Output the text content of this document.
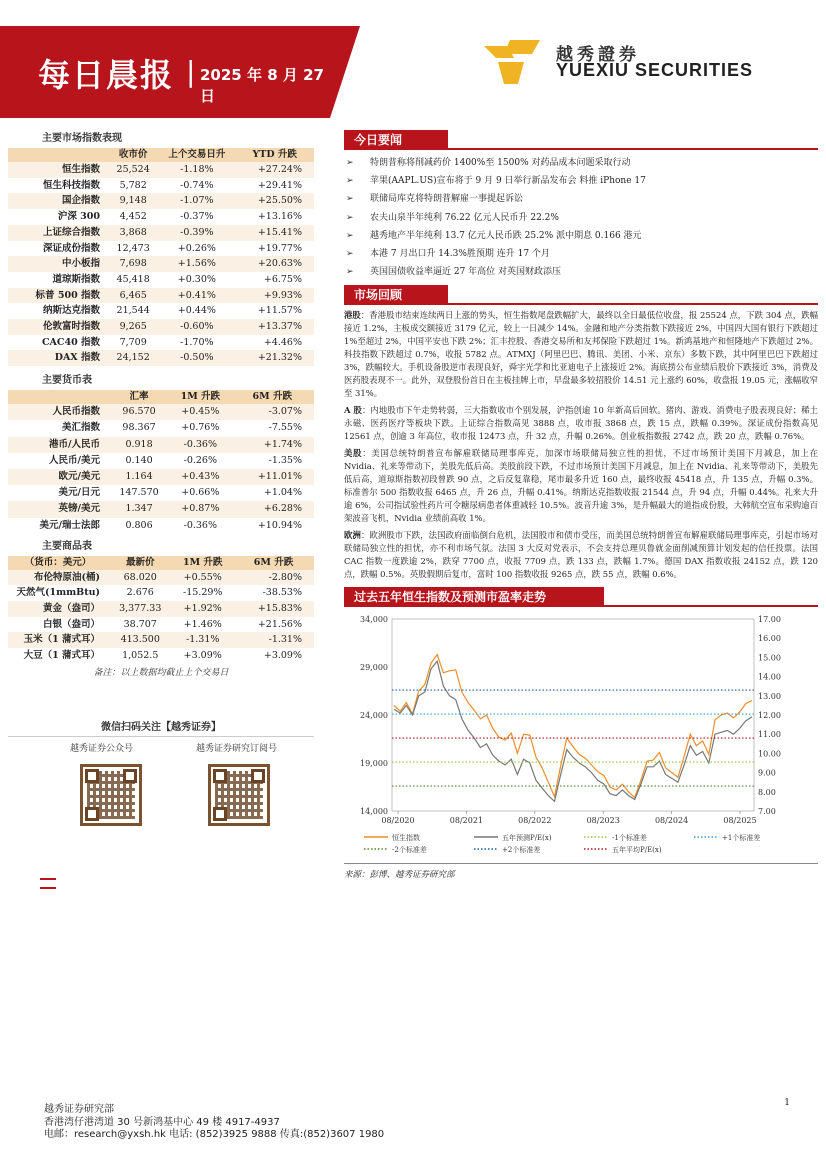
每日晨报 | 2025 年 8 月 27 日
越秀證券
YUEXIU SECURITIES
主要市场指数表现
	收市价	上个交易日升	YTD 升跌
恒生指数	25,524	-1.18%	+27.24%
恒生科技指数	5,782	-0.74%	+29.41%
国企指数	9,148	-1.07%	+25.50%
沪深 300	4,452	-0.37%	+13.16%
上证综合指数	3,868	-0.39%	+15.41%
深证成份指数	12,473	+0.26%	+19.77%
中小板指	7,698	+1.56%	+20.63%
道琼斯指数	45,418	+0.30%	+6.75%
标普 500 指数	6,465	+0.41%	+9.93%
纳斯达克指数	21,544	+0.44%	+11.57%
伦敦富时指数	9,265	-0.60%	+13.37%
CAC40 指数	7,709	-1.70%	+4.46%
DAX 指数	24,152	-0.50%	+21.32%
主要货币表
	汇率	1M 升跌	6M 升跌
人民币指数	96.570	+0.45%	-3.07%
美汇指数	98.367	+0.76%	-7.55%
港币/人民币	0.918	-0.36%	+1.74%
人民币/美元	0.140	-0.26%	-1.35%
欧元/美元	1.164	+0.43%	+11.01%
美元/日元	147.570	+0.66%	+1.04%
英镑/美元	1.347	+0.87%	+6.28%
美元/瑞士法郎	0.806	-0.36%	+10.94%
主要商品表
（货币：美元）	最新价	1M 升跌	6M 升跌
布伦特原油(桶)	68.020	+0.55%	-2.80%
天然气(1mmBtu)	2.676	-15.29%	-38.53%
黄金（盎司）	3,377.33	+1.92%	+15.83%
白银（盎司）	38.707	+1.46%	+21.56%
玉米（1 蒲式耳）	413.500	-1.31%	-1.31%
大豆（1 蒲式耳）	1,052.5	+3.09%	+3.09%
备注：以上数据均截止上个交易日
微信扫码关注【越秀证券】
越秀证券公众号	越秀证券研究订阅号
今日要闻
➢ 特朗普称将削减药价 1400%至 1500% 对药品成本问题采取行动
➢ 苹果(AAPL.US)宣布将于 9 月 9 日举行新品发布会 料推 iPhone 17
➢ 联储局库克将特朗普解雇一事提起诉讼
➢ 农夫山泉半年纯利 76.22 亿元人民币升 22.2%
➢ 越秀地产半年纯利 13.7 亿元人民币跌 25.2% 派中期息 0.166 港元
➢ 本港 7 月出口升 14.3%胜预期 连升 17 个月
➢ 英国国债收益率逼近 27 年高位 对英国财政添压
市场回顾

港股：香港股市结束连续两日上涨的势头，恒生指数尾盘跌幅扩大，最终以全日最低位收盘，报 25524 点，下跌 304 点，跌幅接近 1.2%，主板成交额接近 3179 亿元，较上一日减少 14%。金融和地产分类指数下跌接近 2%，中国四大国有银行下跌超过 1%至超过 2%，中国平安也下跌 2%；汇丰控股、香港交易所和友邦保险下跌超过 1%。新鸿基地产和恒隆地产下跌超过 2%。科技指数下跌超过 0.7%，收报 5782 点。ATMXJ（阿里巴巴、腾讯、美团、小米、京东）多数下跌，其中阿里巴巴下跌超过 3%，跌幅较大。手机设备股逆市表现良好，舜宇光学和比亚迪电子上涨接近 2%。海底捞公布业绩后股价下跌接近 3%，消费及医药股表现不一。此外，双登股份首日在主板挂牌上市，早盘最多较招股价 14.51 元上涨约 60%，收盘报 19.05 元，涨幅收窄至 31%。

A 股：内地股市下午走势转弱，三大指数收市个别发展，沪指创逾 10 年新高后回软。猪肉、游戏、消费电子股表现良好；稀土永磁、医药医疗等板块下跌。上证综合指数高见 3888 点，收市报 3868 点，跌 15 点，跌幅 0.39%。深证成份指数高见 12561 点，创逾 3 年高位，收市报 12473 点，升 32 点，升幅 0.26%。创业板指数报 2742 点，跌 20 点，跌幅 0.76%。

美股：美国总统特朗普宣布解雇联储局理事库克，加深市场联储局独立性的担忧，不过市场预计美国下月减息，加上在 Nvidia、礼来等带动下，美股先低后高。美股前段下跌，不过市场预计美国下月减息，加上在 Nvidia、礼来等带动下，美股先低后高，道琼斯指数初段曾跌 90 点，之后反复靠稳，尾市最多升近 160 点，最终收报 45418 点，升 135 点，升幅 0.3%。标准普尔 500 指数收报 6465 点，升 26 点，升幅 0.41%。纳斯达克指数收报 21544 点，升 94 点，升幅 0.44%。礼来大升逾 6%，公司指试验性药片可令糖尿病患者体重减轻 10.5%。波音升逾 3%，是升幅最大的道指成份股，大韩航空宣布采购逾百架波音飞机，Nvidia 业绩前高收 1%。

欧洲：欧洲股市下跌，法国政府面临倒台危机，法国股市和债市受压，而美国总统特朗普宣布解雇联储局理事库克，引起市场对联储局独立性的担忧，亦不利市场气氛。法国 3 大反对党表示，不会支持总理贝鲁就金面削减预算计划发起的信任投票。法国 CAC 指数一度跌逾 2%，跌穿 7700 点，收报 7709 点，跌 133 点，跌幅 1.7%。德国 DAX 指数收报 24152 点，跌 120 点，跌幅 0.5%。英股假期后复市，富时 100 指数收报 9265 点，跌 55 点，跌幅 0.6%。

过去五年恒生指数及预测市盈率走势
14,000
19,000
24,000
29,000
34,000
7.00
8.00
9.00
10.00
11.00
12.00
13.00
14.00
15.00
16.00
17.00
08/2020	08/2021	08/2022	08/2023	08/2024	08/2025
恒生指数	五年预测P/E(x)	-1个标准差	+1个标准差
-2个标准差	+2个标准差	五年平均P/E(x)
来源：彭博、越秀证券研究部
1
越秀证券研究部
香港湾仔港湾道 30 号新鸿基中心 49 楼 4917-4937
电邮：research@yxsh.hk 电话: (852)3925 9888 传真:(852)3607 1980
